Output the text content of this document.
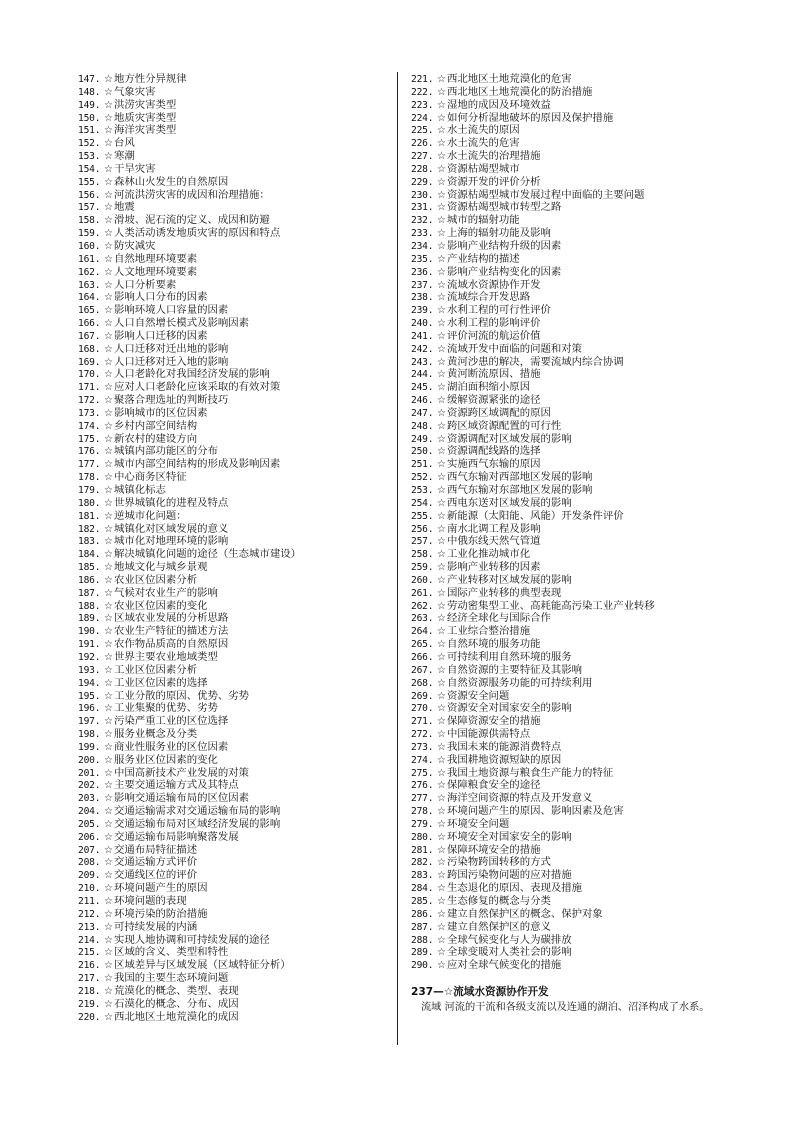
147. ☆ 地方性分异规律
148. ☆ 气象灾害
149. ☆ 洪涝灾害类型
150. ☆ 地质灾害类型
151. ☆ 海洋灾害类型
152. ☆ 台风
153. ☆ 寒潮
154. ☆ 干旱灾害
155. ☆ 森林山火发生的自然原因
156. ☆ 河流洪涝灾害的成因和治理措施：
157. ☆ 地震
158. ☆ 滑坡、泥石流的定义、成因和防避
159. ☆ 人类活动诱发地质灾害的原因和特点
160. ☆ 防灾减灾
161. ☆ 自然地理环境要素
162. ☆ 人文地理环境要素
163. ☆ 人口分析要素
164. ☆ 影响人口分布的因素
165. ☆ 影响环境人口容量的因素
166. ☆ 人口自然增长模式及影响因素
167. ☆ 影响人口迁移的因素
168. ☆ 人口迁移对迁出地的影响
169. ☆ 人口迁移对迁入地的影响
170. ☆ 人口老龄化对我国经济发展的影响
171. ☆ 应对人口老龄化应该采取的有效对策
172. ☆ 聚落合理选址的判断技巧
173. ☆ 影响城市的区位因素
174. ☆ 乡村内部空间结构
175. ☆ 新农村的建设方向
176. ☆ 城镇内部功能区的分布
177. ☆ 城市内部空间结构的形成及影响因素
178. ☆ 中心商务区特征
179. ☆ 城镇化标志
180. ☆ 世界城镇化的进程及特点
181. ☆ 逆城市化问题：
182. ☆ 城镇化对区域发展的意义
183. ☆ 城市化对地理环境的影响
184. ☆ 解决城镇化问题的途径（生态城市建设）
185. ☆ 地域文化与城乡景观
186. ☆ 农业区位因素分析
187. ☆ 气候对农业生产的影响
188. ☆ 农业区位因素的变化
189. ☆ 区域农业发展的分析思路
190. ☆ 农业生产特征的描述方法
191. ☆ 农作物品质高的自然原因
192. ☆ 世界主要农业地域类型
193. ☆ 工业区位因素分析
194. ☆ 工业区位因素的选择
195. ☆ 工业分散的原因、优势、劣势
196. ☆ 工业集聚的优势、劣势
197. ☆ 污染严重工业的区位选择
198. ☆ 服务业概念及分类
199. ☆ 商业性服务业的区位因素
200. ☆ 服务业区位因素的变化
201. ☆ 中国高新技术产业发展的对策
202. ☆ 主要交通运输方式及其特点
203. ☆ 影响交通运输布局的区位因素
204. ☆ 交通运输需求对交通运输布局的影响
205. ☆ 交通运输布局对区域经济发展的影响
206. ☆ 交通运输布局影响聚落发展
207. ☆ 交通布局特征描述
208. ☆ 交通运输方式评价
209. ☆ 交通线区位的评价
210. ☆ 环境问题产生的原因
211. ☆ 环境问题的表现
212. ☆ 环境污染的防治措施
213. ☆ 可持续发展的内涵
214. ☆ 实现人地协调和可持续发展的途径
215. ☆ 区域的含义、类型和特性
216. ☆ 区域差异与区域发展（区域特征分析）
217. ☆ 我国的主要生态环境问题
218. ☆ 荒漠化的概念、类型、表现
219. ☆ 石漠化的概念、分布、成因
220. ☆ 西北地区土地荒漠化的成因
221. ☆ 西北地区土地荒漠化的危害
222. ☆ 西北地区土地荒漠化的防治措施
223. ☆ 湿地的成因及环境效益
224. ☆ 如何分析湿地破坏的原因及保护措施
225. ☆ 水土流失的原因
226. ☆ 水土流失的危害
227. ☆ 水土流失的治理措施
228. ☆ 资源枯竭型城市
229. ☆ 资源开发的评价分析
230. ☆ 资源枯竭型城市发展过程中面临的主要问题
231. ☆ 资源枯竭型城市转型之路
232. ☆ 城市的辐射功能
233. ☆ 上海的辐射功能及影响
234. ☆ 影响产业结构升级的因素
235. ☆ 产业结构的描述
236. ☆ 影响产业结构变化的因素
237. ☆ 流域水资源协作开发
238. ☆ 流域综合开发思路
239. ☆ 水利工程的可行性评价
240. ☆ 水利工程的影响评价
241. ☆ 评价河流的航运价值
242. ☆ 流域开发中面临的问题和对策
243. ☆ 黄河沙患的解决，需要流域内综合协调
244. ☆ 黄河断流原因、措施
245. ☆ 湖泊面积缩小原因
246. ☆ 缓解资源紧张的途径
247. ☆ 资源跨区域调配的原因
248. ☆ 跨区域资源配置的可行性
249. ☆ 资源调配对区域发展的影响
250. ☆ 资源调配线路的选择
251. ☆ 实施西气东输的原因
252. ☆ 西气东输对西部地区发展的影响
253. ☆ 西气东输对东部地区发展的影响
254. ☆ 西电东送对区域发展的影响
255. ☆ 新能源（太阳能、风能）开发条件评价
256. ☆ 南水北调工程及影响
257. ☆ 中俄东线天然气管道
258. ☆ 工业化推动城市化
259. ☆ 影响产业转移的因素
260. ☆ 产业转移对区域发展的影响
261. ☆ 国际产业转移的典型表现
262. ☆ 劳动密集型工业、高耗能高污染工业产业转移
263. ☆ 经济全球化与国际合作
264. ☆ 工业综合整治措施
265. ☆ 自然环境的服务功能
266. ☆ 可持续利用自然环境的服务
267. ☆ 自然资源的主要特征及其影响
268. ☆ 自然资源服务功能的可持续利用
269. ☆ 资源安全问题
270. ☆ 资源安全对国家安全的影响
271. ☆ 保障资源安全的措施
272. ☆ 中国能源供需特点
273. ☆ 我国未来的能源消费特点
274. ☆ 我国耕地资源短缺的原因
275. ☆ 我国土地资源与粮食生产能力的特征
276. ☆ 保障粮食安全的途径
277. ☆ 海洋空间资源的特点及开发意义
278. ☆ 环境问题产生的原因、影响因素及危害
279. ☆ 环境安全问题
280. ☆ 环境安全对国家安全的影响
281. ☆ 保障环境安全的措施
282. ☆ 污染物跨国转移的方式
283. ☆ 跨国污染物问题的应对措施
284. ☆ 生态退化的原因、表现及措施
285. ☆ 生态修复的概念与分类
286. ☆ 建立自然保护区的概念、保护对象
287. ☆ 建立自然保护区的意义
288. ☆ 全球气候变化与人为碳排放
289. ☆ 全球变暖对人类社会的影响
290. ☆ 应对全球气候变化的措施
237—☆流域水资源协作开发
流域 河流的干流和各级支流以及连通的湖泊、沼泽构成了水系。
